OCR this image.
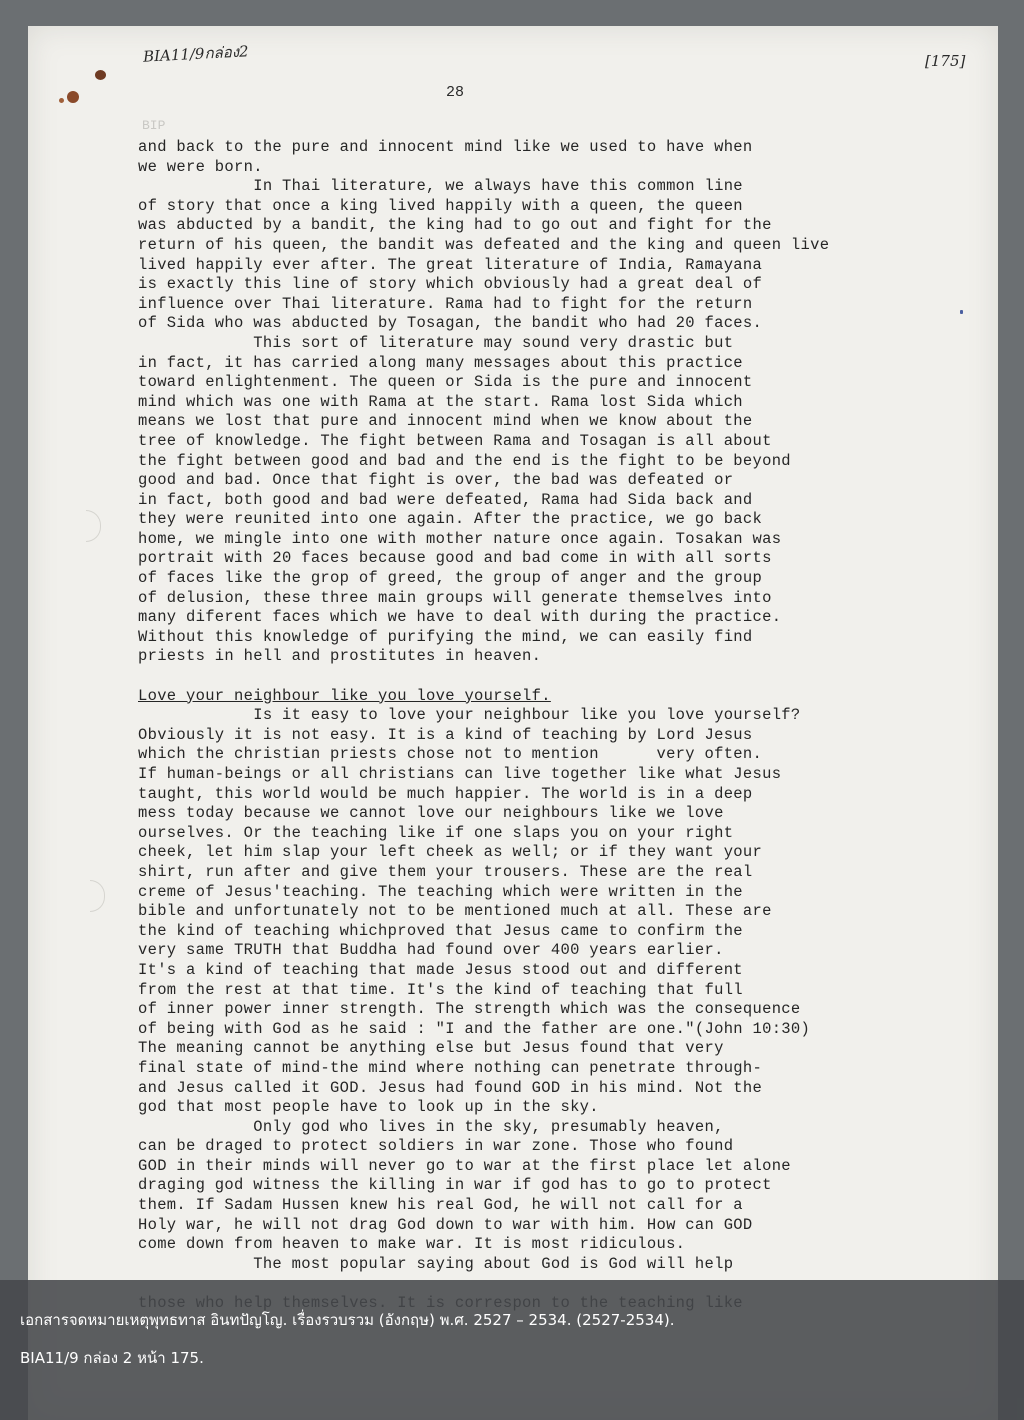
BIA11/9กล่อง2	[175]
28
BIP
and back to the pure and innocent mind like we used to have when
we were born.
In Thai literature, we always have this common line
of story that once a king lived happily with a queen, the queen
was abducted by a bandit, the king had to go out and fight for the
return of his queen, the bandit was defeated and the king and queen live
lived happily ever after. The great literature of India, Ramayana
is exactly this line of story which obviously had a great deal of
influence over Thai literature. Rama had to fight for the return
of Sida who was abducted by Tosagan, the bandit who had 20 faces.
This sort of literature may sound very drastic but
in fact, it has carried along many messages about this practice
toward enlightenment. The queen or Sida is the pure and innocent
mind which was one with Rama at the start. Rama lost Sida which
means we lost that pure and innocent mind when we know about the
tree of knowledge. The fight between Rama and Tosagan is all about
the fight between good and bad and the end is the fight to be beyond
good and bad. Once that fight is over, the bad was defeated or
in fact, both good and bad were defeated, Rama had Sida back and
they were reunited into one again. After the practice, we go back
home, we mingle into one with mother nature once again. Tosakan was
portrait with 20 faces because good and bad come in with all sorts
of faces like the grop of greed, the group of anger and the group
of delusion, these three main groups will generate themselves into
many diferent faces which we have to deal with during the practice.
Without this knowledge of purifying the mind, we can easily find
priests in hell and prostitutes in heaven.
Love your neighbour like you love yourself.
Is it easy to love your neighbour like you love yourself?
Obviously it is not easy. It is a kind of teaching by Lord Jesus
which the christian priests chose not to mention      very often.
If human-beings or all christians can live together like what Jesus
taught, this world would be much happier. The world is in a deep
mess today because we cannot love our neighbours like we love
ourselves. Or the teaching like if one slaps you on your right
cheek, let him slap your left cheek as well; or if they want your
shirt, run after and give them your trousers. These are the real
creme of Jesus'teaching. The teaching which were written in the
bible and unfortunately not to be mentioned much at all. These are
the kind of teaching whichproved that Jesus came to confirm the
very same TRUTH that Buddha had found over 400 years earlier.
It's a kind of teaching that made Jesus stood out and different
from the rest at that time. It's the kind of teaching that full
of inner power inner strength. The strength which was the consequence
of being with God as he said : "I and the father are one."(John 10:30)
The meaning cannot be anything else but Jesus found that very
final state of mind-the mind where nothing can penetrate through-
and Jesus called it GOD. Jesus had found GOD in his mind. Not the
god that most people have to look up in the sky.
Only god who lives in the sky, presumably heaven,
can be draged to protect soldiers in war zone. Those who found
GOD in their minds will never go to war at the first place let alone
draging god witness the killing in war if god has to go to protect
them. If Sadam Hussen knew his real God, he will not call for a
Holy war, he will not drag God down to war with him. How can GOD
come down from heaven to make war. It is most ridiculous.
The most popular saying about God is God will help
เอกสารจดหมายเหตุพุทธทาส อินทปัญโญ. เรื่องรวบรวม (อังกฤษ) พ.ศ. 2527 – 2534. (2527-2534).
BIA11/9 กล่อง 2 หน้า 175.
